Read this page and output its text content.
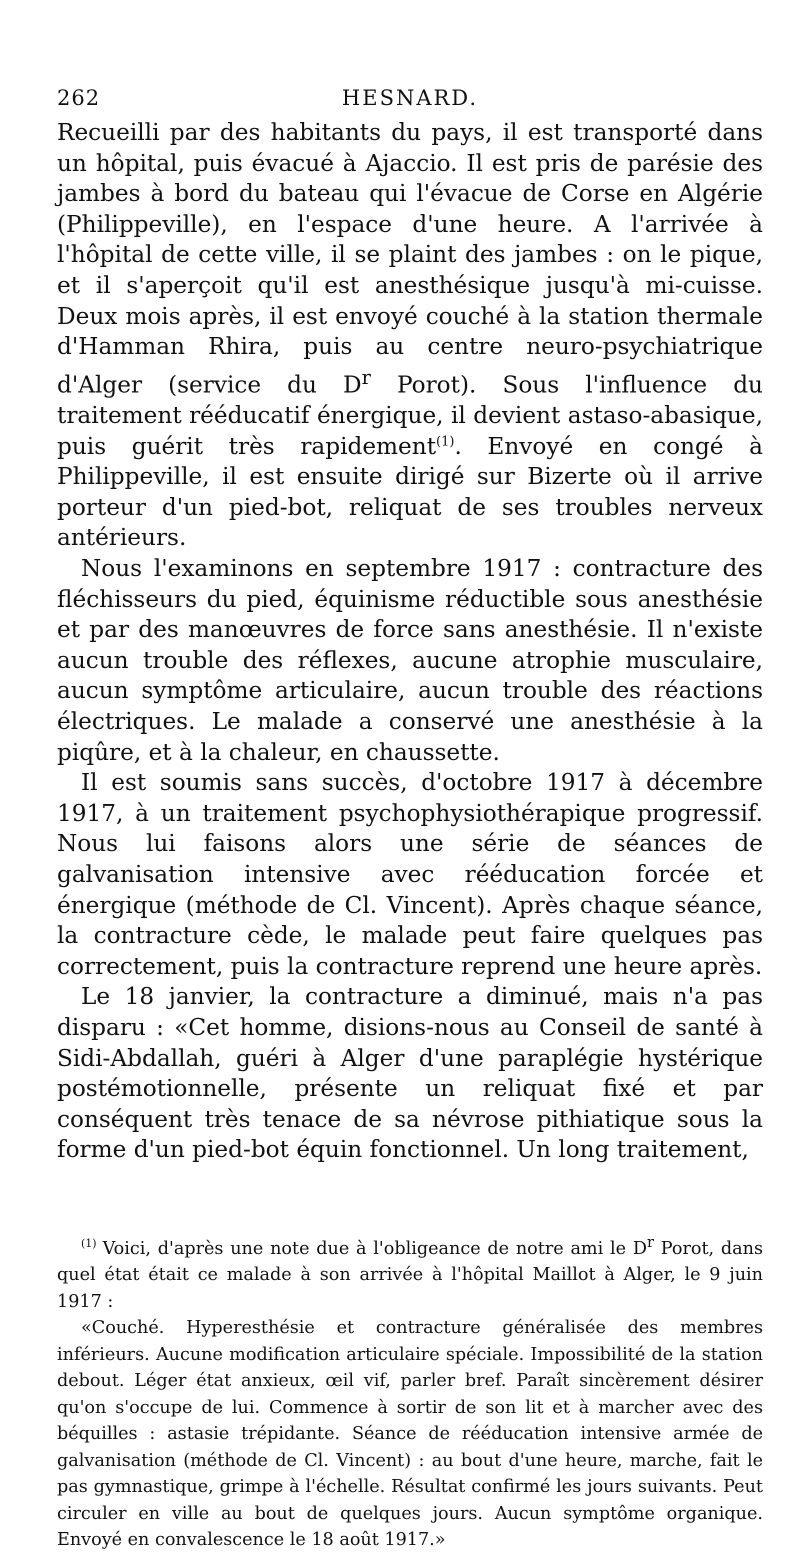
262	HESNARD.

Recueilli par des habitants du pays, il est transporté dans un hôpital, puis évacué à Ajaccio. Il est pris de parésie des jambes à bord du bateau qui l'évacue de Corse en Algérie (Philippeville), en l'espace d'une heure. A l'arrivée à l'hôpital de cette ville, il se plaint des jambes : on le pique, et il s'aperçoit qu'il est anesthésique jusqu'à mi-cuisse. Deux mois après, il est envoyé couché à la station thermale d'Hamman Rhira, puis au centre neuro-psychiatrique d'Alger (service du $D^r$ Porot). Sous l'influence du traitement rééducatif énergique, il devient astaso-abasique, puis guérit très rapidement$^{(1)}$. Envoyé en congé à Philippeville, il est ensuite dirigé sur Bizerte où il arrive porteur d'un pied-bot, reliquat de ses troubles nerveux antérieurs.

Nous l'examinons en septembre 1917 : contracture des fléchisseurs du pied, équinisme réductible sous anesthésie et par des manœuvres de force sans anesthésie. Il n'existe aucun trouble des réflexes, aucune atrophie musculaire, aucun symptôme articulaire, aucun trouble des réactions électriques. Le malade a conservé une anesthésie à la piqûre, et à la chaleur, en chaussette.

Il est soumis sans succès, d'octobre 1917 à décembre 1917, à un traitement psychophysiothérapique progressif. Nous lui faisons alors une série de séances de galvanisation intensive avec rééducation forcée et énergique (méthode de Cl. Vincent). Après chaque séance, la contracture cède, le malade peut faire quelques pas correctement, puis la contracture reprend une heure après.

Le 18 janvier, la contracture a diminué, mais n'a pas disparu : «Cet homme, disions-nous au Conseil de santé à Sidi-Abdallah, guéri à Alger d'une paraplégie hystérique postémotionnelle, présente un reliquat fixé et par conséquent très tenace de sa névrose pithiatique sous la forme d'un pied-bot équin fonctionnel. Un long traitement,

$^{(1)}$ Voici, d'après une note due à l'obligeance de notre ami le $D^r$ Porot, dans quel état était ce malade à son arrivée à l'hôpital Maillot à Alger, le 9 juin 1917 :

«Couché. Hyperesthésie et contracture généralisée des membres inférieurs. Aucune modification articulaire spéciale. Impossibilité de la station debout. Léger état anxieux, œil vif, parler bref. Paraît sincèrement désirer qu'on s'occupe de lui. Commence à sortir de son lit et à marcher avec des béquilles : astasie trépidante. Séance de rééducation intensive armée de galvanisation (méthode de Cl. Vincent) : au bout d'une heure, marche, fait le pas gymnastique, grimpe à l'échelle. Résultat confirmé les jours suivants. Peut circuler en ville au bout de quelques jours. Aucun symptôme organique. Envoyé en convalescence le 18 août 1917.»
